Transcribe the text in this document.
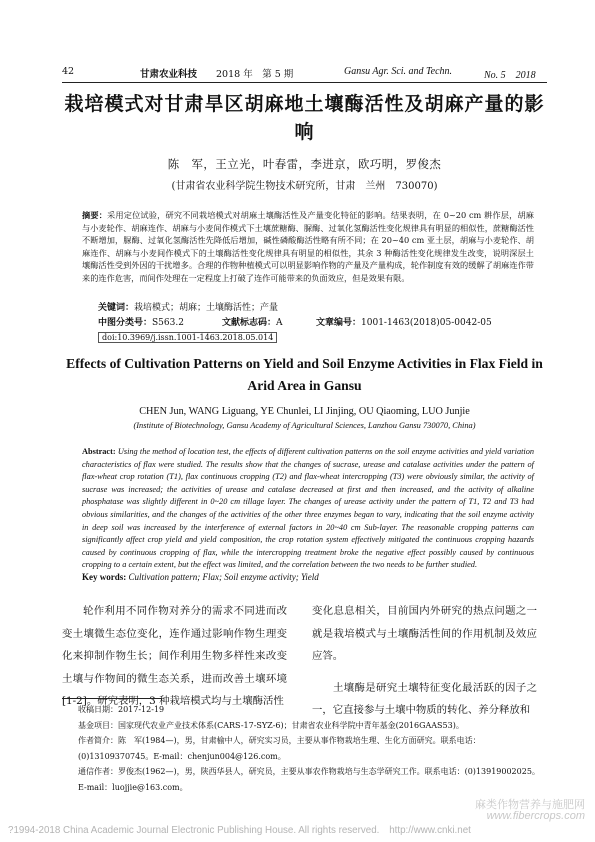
42	甘肃农业科技 2018 年　第 5 期	Gansu Agr. Sci. and Techn.	No. 5　2018
栽培模式对甘肃旱区胡麻地土壤酶活性及胡麻产量的影响
陈　军，王立光，叶春雷，李进京，欧巧明，罗俊杰
(甘肃省农业科学院生物技术研究所，甘肃　兰州　730070)
摘要：采用定位试验，研究不同栽培模式对胡麻土壤酶活性及产量变化特征的影响。结果表明，在 0~20 cm 耕作层，胡麻与小麦轮作、胡麻连作、胡麻与小麦间作模式下土壤蔗糖酶、脲酶、过氧化氢酶活性变化规律具有明显的相似性，蔗糖酶活性不断增加，脲酶、过氧化氢酶活性先降低后增加，碱性磷酸酶活性略有所不同；在 20~40 cm 亚土层，胡麻与小麦轮作、胡麻连作、胡麻与小麦间作模式下的土壤酶活性变化规律具有明显的相似性，其余 3 种酶活性变化规律发生改变，说明深层土壤酶活性受到外因的干扰增多。合理的作物种植模式可以明显影响作物的产量及产量构成，轮作制度有效的缓解了胡麻连作带来的连作危害，而间作处理在一定程度上打破了连作可能带来的负面效应，但是效果有限。
关键词：栽培模式；胡麻；土壤酶活性；产量
中图分类号：S563.2	文献标志码：A	文章编号：1001-1463(2018)05-0042-05
doi:10.3969/j.issn.1001-1463.2018.05.014
Effects of Cultivation Patterns on Yield and Soil Enzyme Activities in Flax Field in Arid Area in Gansu
CHEN Jun, WANG Liguang, YE Chunlei, LI Jinjing, OU Qiaoming, LUO Junjie
(Institute of Biotechnology, Gansu Academy of Agricultural Sciences, Lanzhou Gansu 730070, China)
Abstract: Using the method of location test, the effects of different cultivation patterns on the soil enzyme activities and yield variation characteristics of flax were studied. The results show that the changes of sucrase, urease and catalase activities under the pattern of flax-wheat crop rotation (T1), flax continuous cropping (T2) and flax-wheat intercropping (T3) were obviously similar, the activity of sucrase was increased; the activities of urease and catalase decreased at first and then increased, and the activity of alkaline phosphatase was slightly different in 0~20 cm tillage layer. The changes of urease activity under the pattern of T1, T2 and T3 had obvious similarities, and the changes of the activities of the other three enzymes began to vary, indicating that the soil enzyme activity in deep soil was increased by the interference of external factors in 20~40 cm Sub-layer. The reasonable cropping patterns can significantly affect crop yield and yield composition, the crop rotation system effectively mitigated the continuous cropping hazards caused by continuous cropping of flax, while the intercropping treatment broke the negative effect possibly caused by continuous cropping to a certain extent, but the effect was limited, and the correlation between the two needs to be further studied.
Key words: Cultivation pattern; Flax; Soil enzyme activity; Yield
轮作利用不同作物对养分的需求不同进而改变土壤微生态位变化，连作通过影响作物生理变化来抑制作物生长；间作利用生物多样性来改变土壤与作物间的微生态关系，进而改善土壤环境[1-2]。研究表明，3 种栽培模式均与土壤酶活性
变化息息相关，目前国内外研究的热点问题之一就是栽培模式与土壤酶活性间的作用机制及效应应答。
土壤酶是研究土壤特征变化最活跃的因子之一，它直接参与土壤中物质的转化、养分释放和
收稿日期：2017-12-19
基金项目：国家现代农业产业技术体系(CARS-17-SYZ-6)；甘肃省农业科学院中青年基金(2016GAAS53)。
作者简介：陈　军(1984—)，男，甘肃榆中人，研究实习员，主要从事作物栽培生理、生化方面研究。联系电话：(0)13109370745。E-mail：chenjun004@126.com。
通信作者：罗俊杰(1962—)，男，陕西华县人，研究员，主要从事农作物栽培与生态学研究工作。联系电话：(0)13919002025。E-mail：luojjie@163.com。
麻类作物营养与施肥网
www.fibercrops.com
?1994-2018 China Academic Journal Electronic Publishing House. All rights reserved.　http://www.cnki.net
